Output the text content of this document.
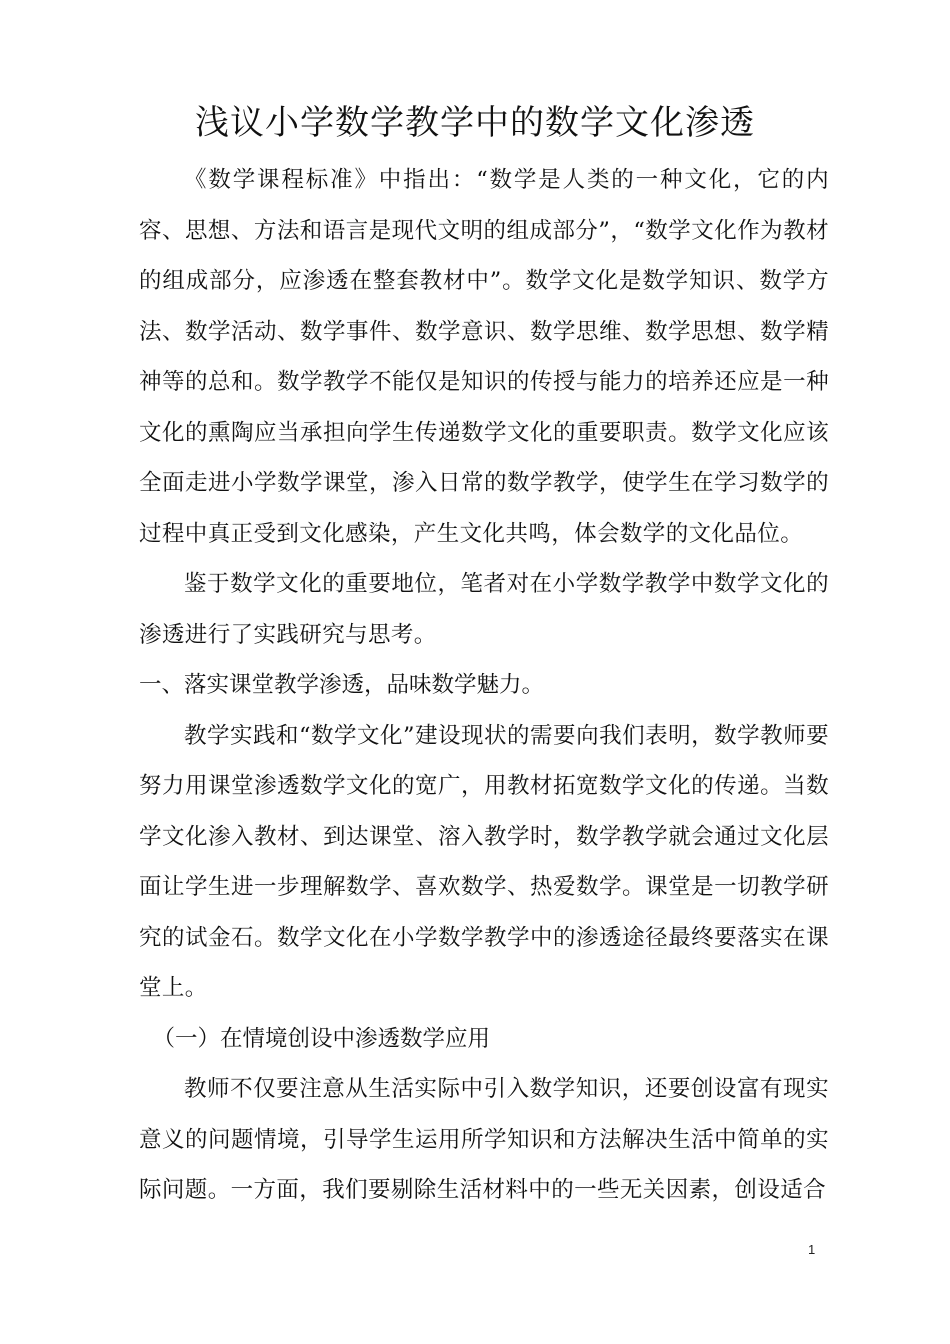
浅议小学数学教学中的数学文化渗透

《数学课程标准》中指出：“数学是人类的一种文化，它的内容、思想、方法和语言是现代文明的组成部分”，“数学文化作为教材的组成部分，应渗透在整套教材中”。数学文化是数学知识、数学方法、数学活动、数学事件、数学意识、数学思维、数学思想、数学精神等的总和。数学教学不能仅是知识的传授与能力的培养还应是一种文化的熏陶应当承担向学生传递数学文化的重要职责。数学文化应该全面走进小学数学课堂，渗入日常的数学教学，使学生在学习数学的过程中真正受到文化感染，产生文化共鸣，体会数学的文化品位。

鉴于数学文化的重要地位，笔者对在小学数学教学中数学文化的渗透进行了实践研究与思考。

一、落实课堂教学渗透，品味数学魅力。

教学实践和“数学文化”建设现状的需要向我们表明，数学教师要努力用课堂渗透数学文化的宽广，用教材拓宽数学文化的传递。当数学文化渗入教材、到达课堂、溶入教学时，数学教学就会通过文化层面让学生进一步理解数学、喜欢数学、热爱数学。课堂是一切教学研究的试金石。数学文化在小学数学教学中的渗透途径最终要落实在课堂上。

（一）在情境创设中渗透数学应用

教师不仅要注意从生活实际中引入数学知识，还要创设富有现实意义的问题情境，引导学生运用所学知识和方法解决生活中简单的实际问题。一方面，我们要剔除生活材料中的一些无关因素，创设适合

1
